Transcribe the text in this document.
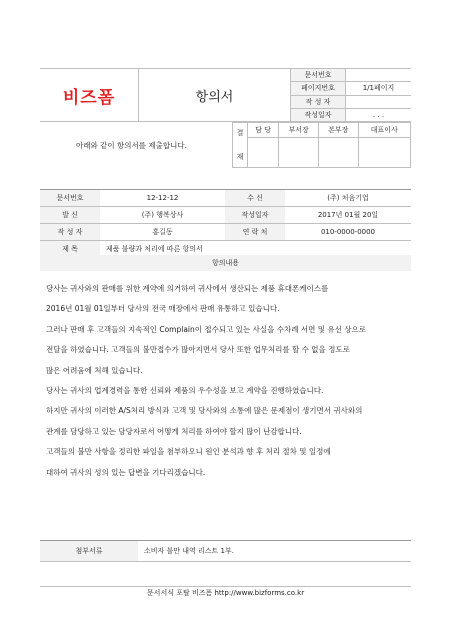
비즈폼	항의서	문서번호	
		페이지번호	1/1페이지
		작 성 자	
		작성일자	. . .
아래와 같이 항의서를 제출합니다.
결
재	담 당	부서장	본부장	대표이사

문서번호	12-12-12	수 신	(주) 처음기업
발 신	(주) 행복상사	작성일자	2017년 01월 20일
작 성 자	홍길동	연 락 처	010-0000-0000
제 목	제품 불량과 처리에 따른 항의서		
항의내용

당사는 귀사와의 판매를 위한 계약에 의거하여 귀사에서 생산되는 제품 휴대폰케이스를

2016년 01월 01일부터 당사의 전국 매장에서 판매 유통하고 있습니다.

그러나 판매 후 고객들의 지속적인 Complain이 접수되고 있는 사실을 수차례 서면 및 유선 상으로

전달을 하였습니다. 고객들의 불만접수가 많아지면서 당사 또한 업무처리를 할 수 없을 정도로

많은 어려움에 처해 있습니다.

당사는 귀사의 업계경력을 통한 신뢰와 제품의 우수성을 보고 계약을 진행하였습니다.

하지만 귀사의 이러한 A/S처리 방식과 고객 및 당사와의 소통에 많은 문제점이 생기면서 귀사와의

관계를 담당하고 있는 담당자로서 어떻게 처리를 하여야 할지 많이 난감합니다.

고객들의 불만 사항을 정리한 파일을 첨부하오니 원인 분석과 향 후 처리 절차 및 일정에

대하여 귀사의 성의 있는 답변을 기다리겠습니다.

첨부서류	소비자 불만 내역 리스트 1부.
문서서식 포탈 비즈폼 http://www.bizforms.co.kr
